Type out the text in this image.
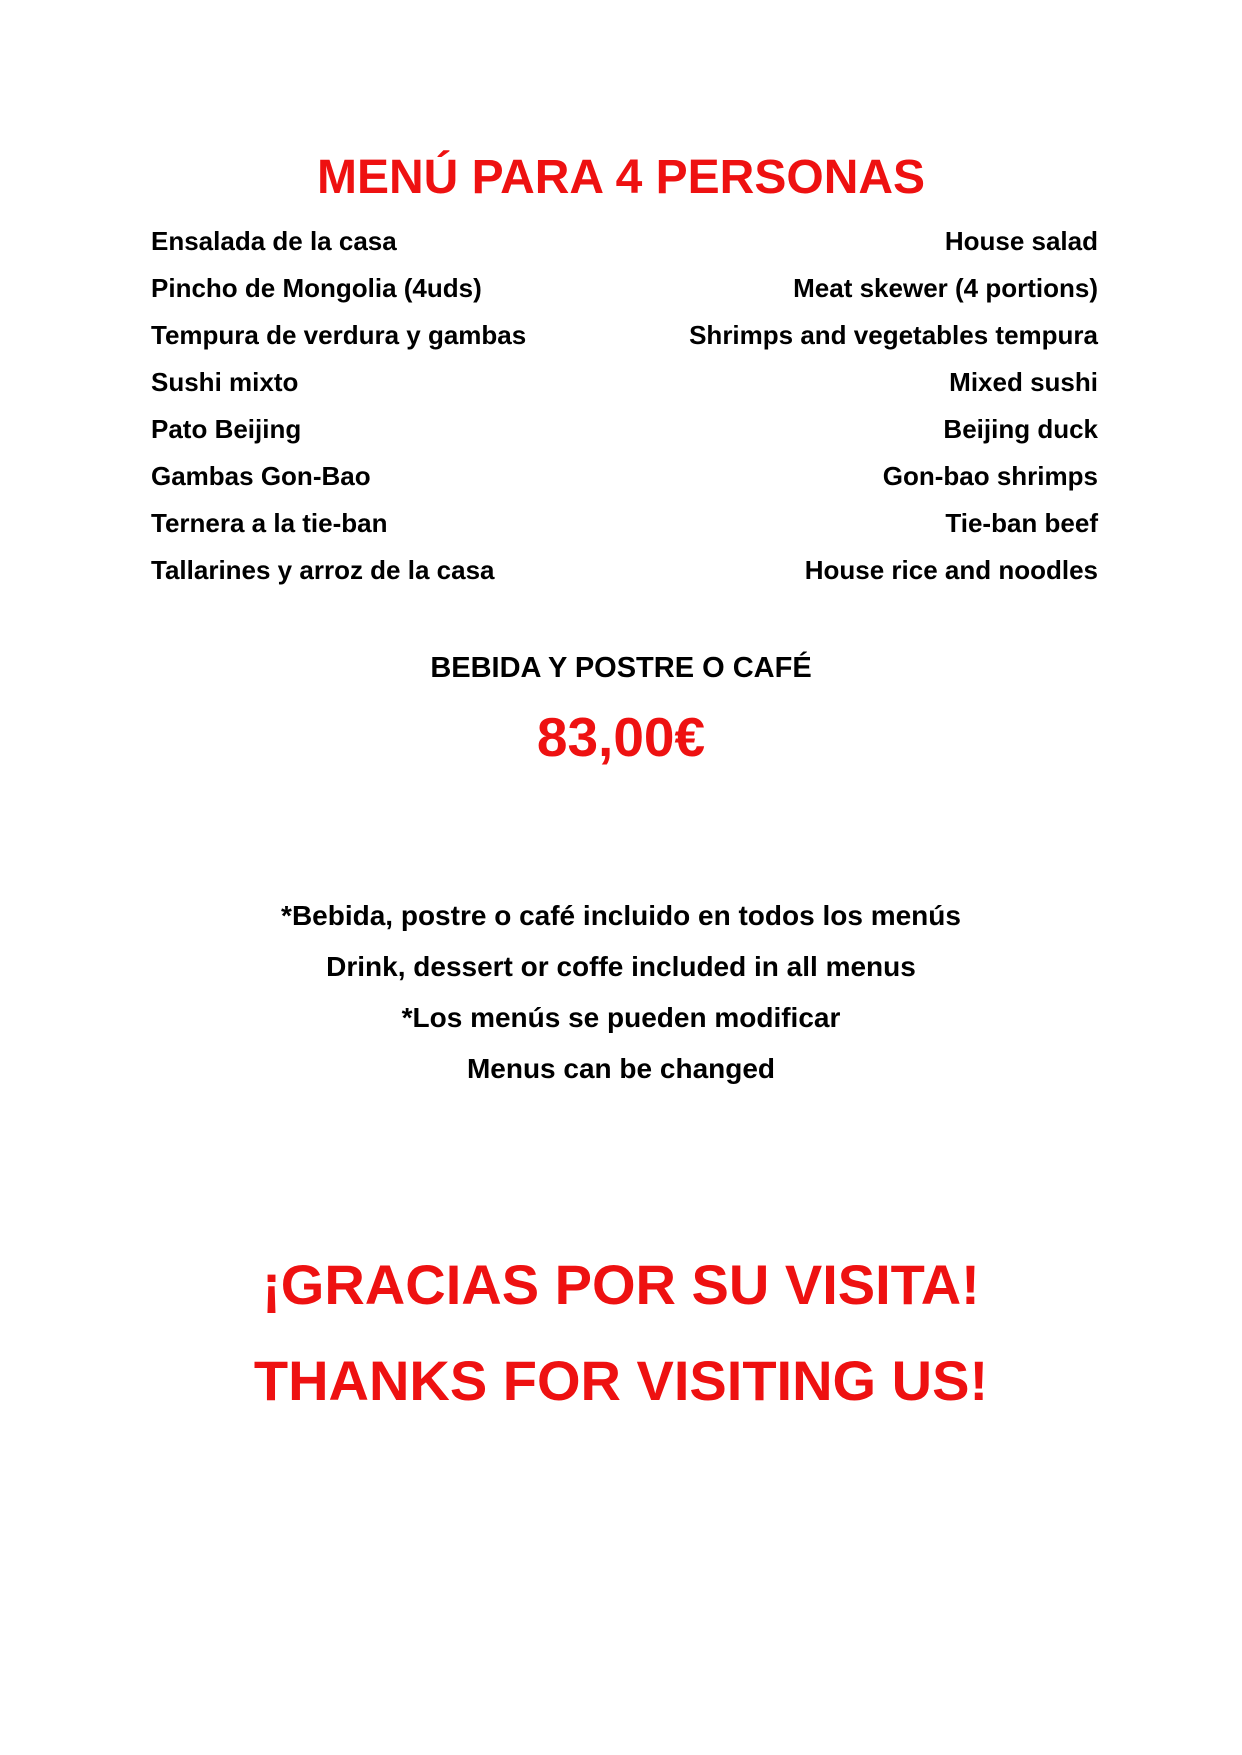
MENÚ PARA 4 PERSONAS
Ensalada de la casa	House salad
Pincho de Mongolia (4uds)	Meat skewer (4 portions)
Tempura de verdura y gambas	Shrimps and vegetables tempura
Sushi mixto	Mixed sushi
Pato Beijing	Beijing duck
Gambas Gon-Bao	Gon-bao shrimps
Ternera a la tie-ban	Tie-ban beef
Tallarines y arroz de la casa	House rice and noodles
BEBIDA Y POSTRE O CAFÉ
83,00€
*Bebida, postre o café incluido en todos los menús
Drink, dessert or coffe included in all menus
*Los menús se pueden modificar
Menus can be changed
¡GRACIAS POR SU VISITA!
THANKS FOR VISITING US!
